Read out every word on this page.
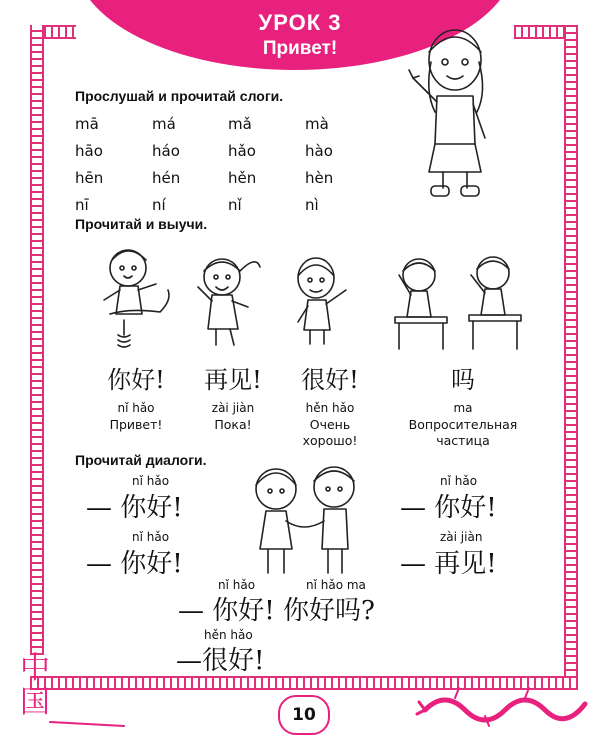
УРОК 3
Привет!
Прослушай и прочитай слоги.
mā	má	mǎ	mà
hāo	háo	hǎo	hào
hēn	hén	hěn	hèn
nī	ní	nǐ	nì
Прочитай и выучи.
你好!
nǐ hǎo
Привет!
再见!
zài jiàn
Пока!
很好!
hěn hǎo
Очень хорошо!
吗
ma
Вопросительная частица
Прочитай диалоги.
nǐ hǎo
— 你好!
nǐ hǎo
— 你好!
nǐ hǎo
— 你好!
zài jiàn
— 再见!
nǐ hǎo	nǐ hǎo ma
— 你好! 你好吗?
hěn hǎo
—很好!
中国	10
